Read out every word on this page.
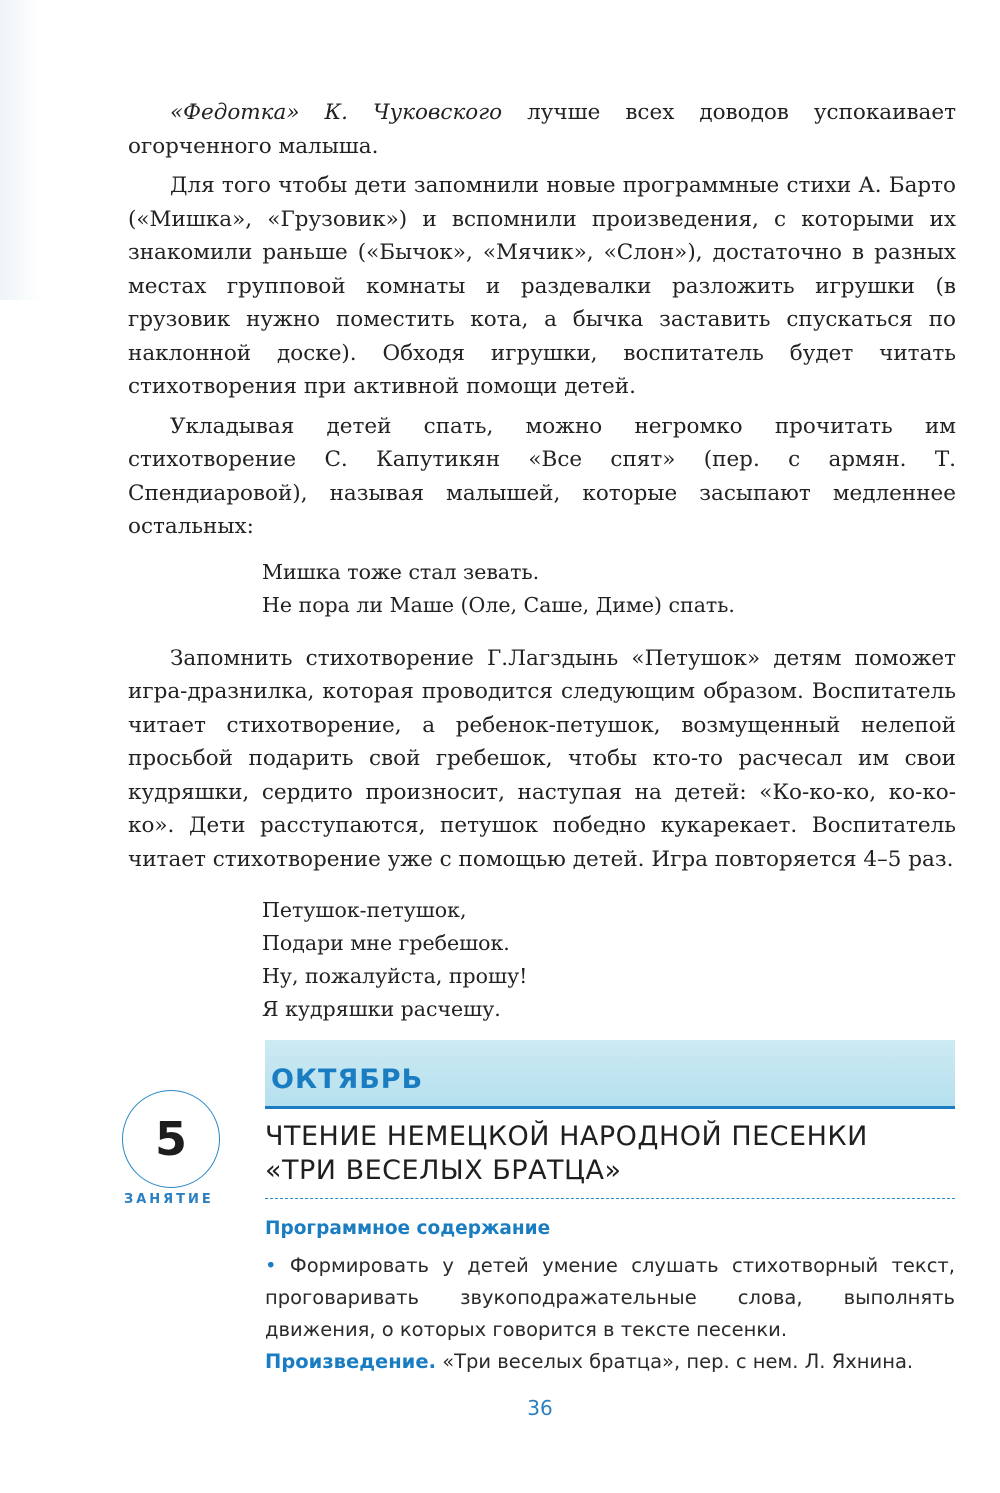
«Федотка» К. Чуковского лучше всех доводов успокаивает огорченного малыша.

Для того чтобы дети запомнили новые программные стихи А. Барто («Мишка», «Грузовик») и вспомнили произведения, с которыми их знакомили раньше («Бычок», «Мячик», «Слон»), достаточно в разных местах групповой комнаты и раздевалки разложить игрушки (в грузовик нужно поместить кота, а бычка заставить спускаться по наклонной доске). Обходя игрушки, воспитатель будет читать стихотворения при активной помощи детей.

Укладывая детей спать, можно негромко прочитать им стихотворение С. Капутикян «Все спят» (пер. с армян. Т. Спендиаровой), называя малышей, которые засыпают медленнее остальных:

Мишка тоже стал зевать.
Не пора ли Маше (Оле, Саше, Диме) спать.

Запомнить стихотворение Г.Лагздынь «Петушок» детям поможет игра-дразнилка, которая проводится следующим образом. Воспитатель читает стихотворение, а ребенок-петушок, возмущенный нелепой просьбой подарить свой гребешок, чтобы кто-то расчесал им свои кудряшки, сердито произносит, наступая на детей: «Ко-ко-ко, ко-ко-ко». Дети расступаются, петушок победно кукарекает. Воспитатель читает стихотворение уже с помощью детей. Игра повторяется 4–5 раз.

Петушок-петушок,
Подари мне гребешок.
Ну, пожалуйста, прошу!
Я кудряшки расчешу.
5
ЗАНЯТИЕ
ОКТЯБРЬ
ЧТЕНИЕ НЕМЕЦКОЙ НАРОДНОЙ ПЕСЕНКИ
«ТРИ ВЕСЕЛЫХ БРАТЦА»
Программное содержание
• Формировать у детей умение слушать стихотворный текст, проговаривать звукоподражательные слова, выполнять движения, о которых говорится в тексте песенки.
Произведение. «Три веселых братца», пер. с нем. Л. Яхнина.
36
